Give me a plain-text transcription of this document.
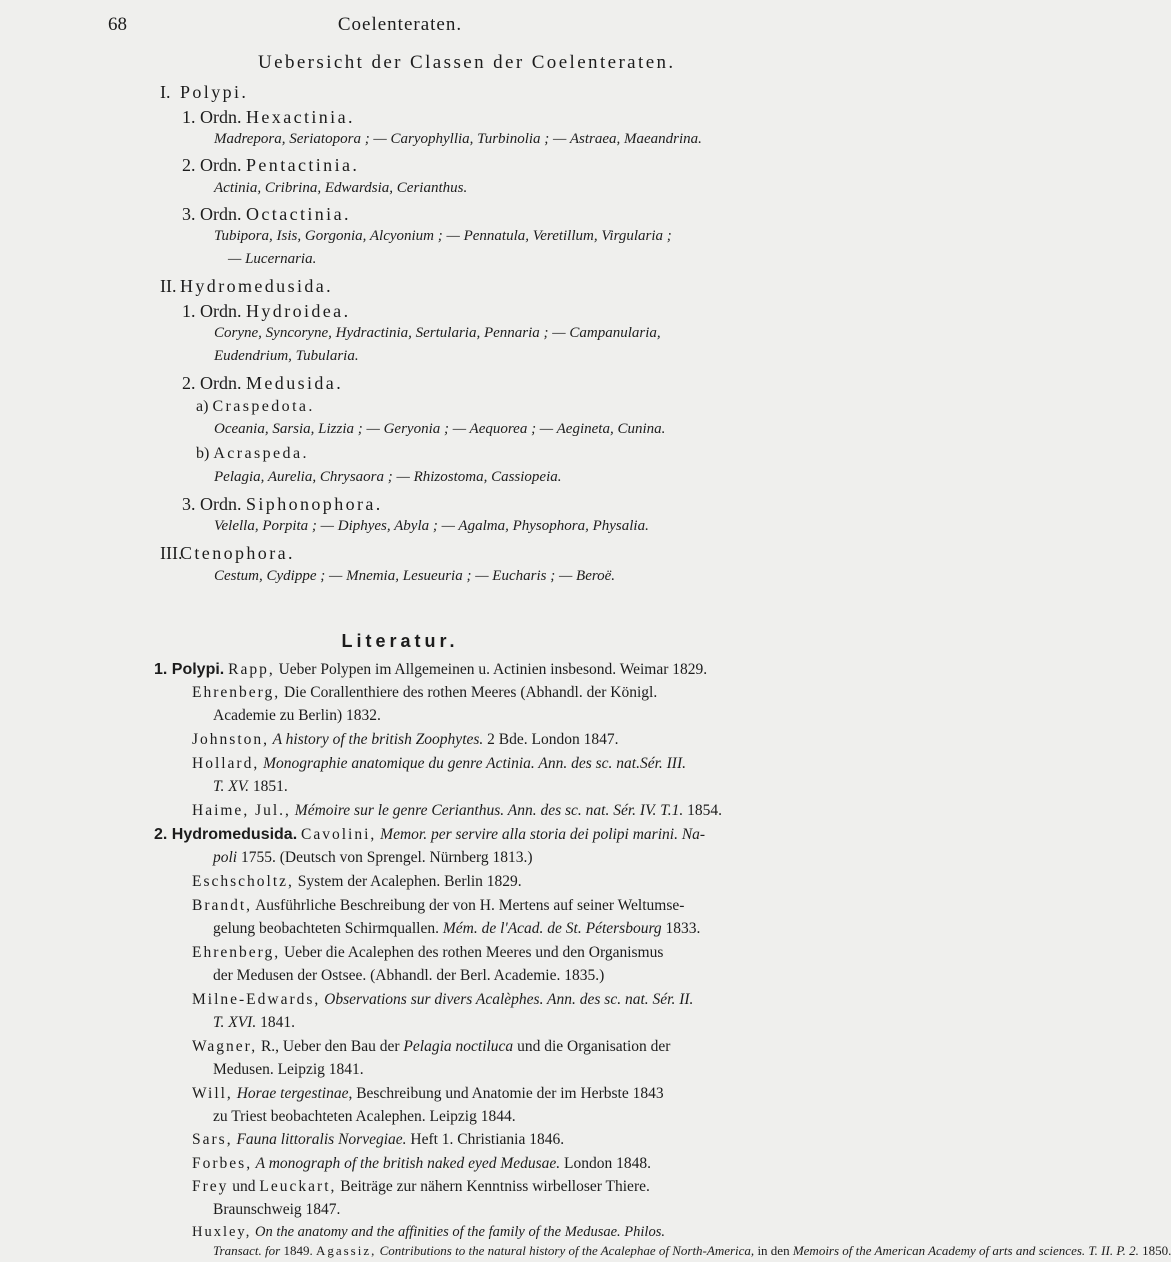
68	Coelenteraten.
Uebersicht der Classen der Coelenteraten.
I. Polypi.
1. Ordn. Hexactinia.
Madrepora, Seriatopora ; — Caryophyllia, Turbinolia ; — Astraea, Maeandrina.
2. Ordn. Pentactinia.
Actinia, Cribrina, Edwardsia, Cerianthus.
3. Ordn. Octactinia.
Tubipora, Isis, Gorgonia, Alcyonium ; — Pennatula, Veretillum, Virgularia ;
— Lucernaria.
II. Hydromedusida.
1. Ordn. Hydroidea.
Coryne, Syncoryne, Hydractinia, Sertularia, Pennaria ; — Campanularia,
Eudendrium, Tubularia.
2. Ordn. Medusida.
a) Craspedota.
Oceania, Sarsia, Lizzia ; — Geryonia ; — Aequorea ; — Aegineta, Cunina.
b) Acraspeda.
Pelagia, Aurelia, Chrysaora ; — Rhizostoma, Cassiopeia.
3. Ordn. Siphonophora.
Velella, Porpita ; — Diphyes, Abyla ; — Agalma, Physophora, Physalia.
III.Ctenophora.
Cestum, Cydippe ; — Mnemia, Lesueuria ; — Eucharis ; — Beroë.
Literatur.
1. Polypi. Rapp, Ueber Polypen im Allgemeinen u. Actinien insbesond. Weimar 1829.
Ehrenberg, Die Corallenthiere des rothen Meeres (Abhandl. der Königl.
Academie zu Berlin) 1832.
Johnston, A history of the british Zoophytes. 2 Bde. London 1847.
Hollard, Monographie anatomique du genre Actinia. Ann. des sc. nat.Sér. III.
T. XV. 1851.
Haime, Jul., Mémoire sur le genre Cerianthus. Ann. des sc. nat. Sér. IV. T.1. 1854.
2. Hydromedusida. Cavolini, Memor. per servire alla storia dei polipi marini. Na-
poli 1755. (Deutsch von Sprengel. Nürnberg 1813.)
Eschscholtz, System der Acalephen. Berlin 1829.
Brandt, Ausführliche Beschreibung der von H. Mertens auf seiner Weltumse-
gelung beobachteten Schirmquallen. Mém. de l'Acad. de St. Pétersbourg 1833.
Ehrenberg, Ueber die Acalephen des rothen Meeres und den Organismus
der Medusen der Ostsee. (Abhandl. der Berl. Academie. 1835.)
Milne-Edwards, Observations sur divers Acalèphes. Ann. des sc. nat. Sér. II.
T. XVI. 1841.
Wagner, R., Ueber den Bau der Pelagia noctiluca und die Organisation der
Medusen. Leipzig 1841.
Will, Horae tergestinae, Beschreibung und Anatomie der im Herbste 1843
zu Triest beobachteten Acalephen. Leipzig 1844.
Sars, Fauna littoralis Norvegiae. Heft 1. Christiania 1846.
Forbes, A monograph of the british naked eyed Medusae. London 1848.
Frey und Leuckart, Beiträge zur nähern Kenntniss wirbelloser Thiere.
Braunschweig 1847.
Huxley, On the anatomy and the affinities of the family of the Medusae. Philos.
Transact. for 1849. Agassiz, Contributions to the natural history of the Acalephae of North-America, in den Memoirs of the American Academy of arts and sciences. T. II. P. 2. 1850.
